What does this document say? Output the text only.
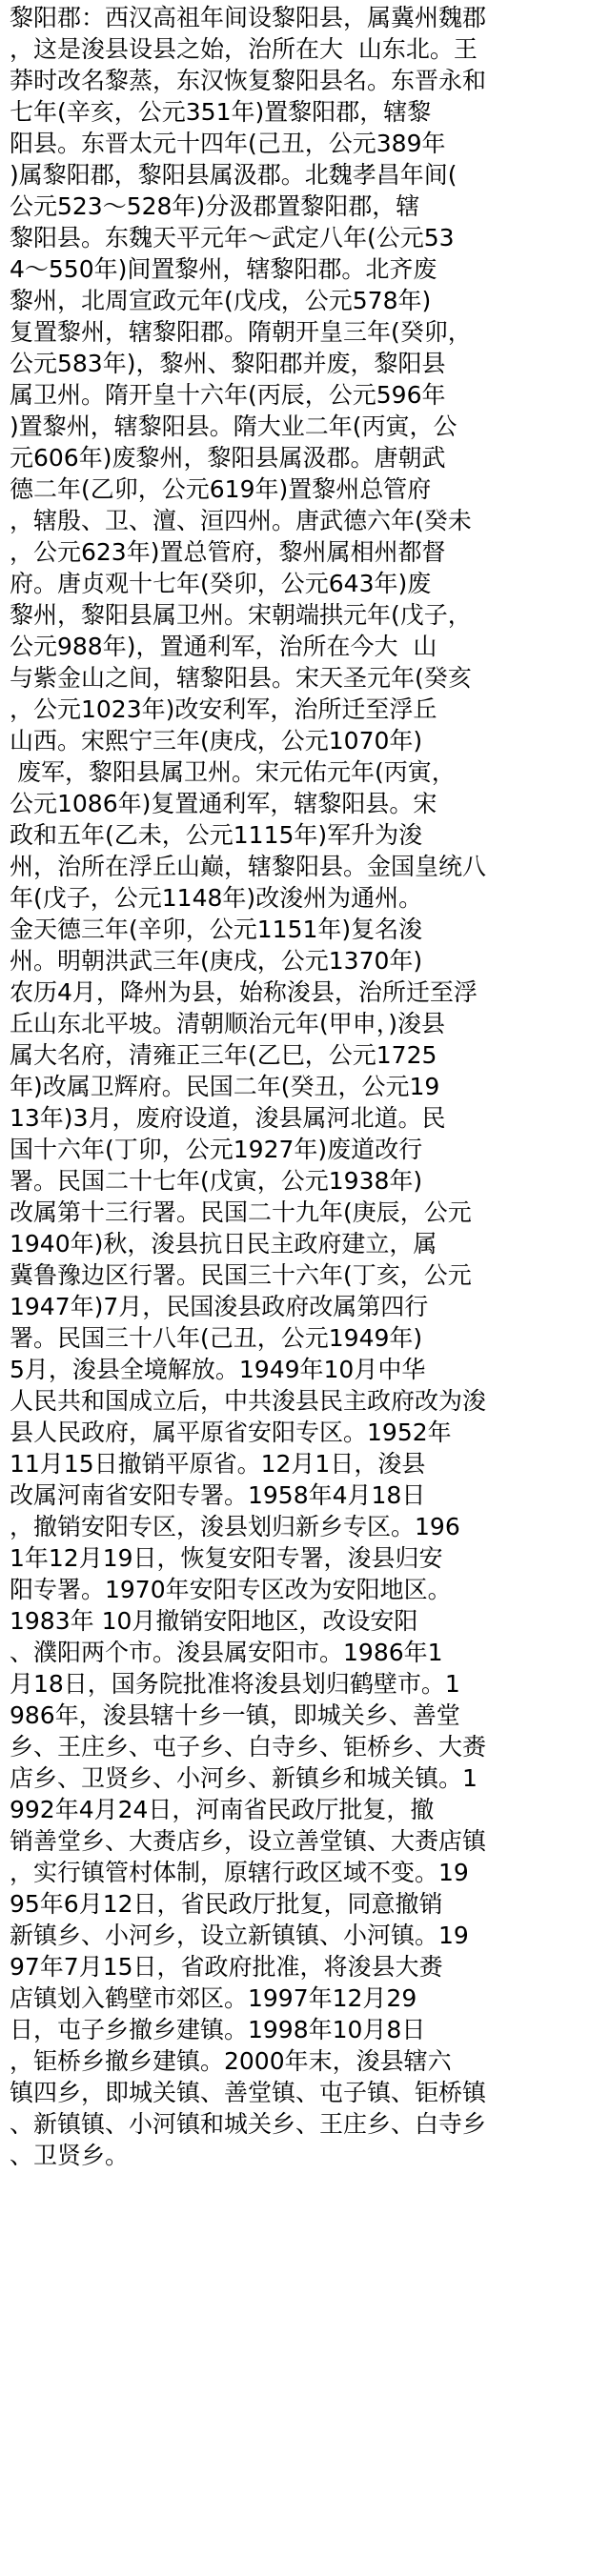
黎阳郡：西汉高祖年间设黎阳县，属冀州魏郡
，这是浚县设县之始，治所在大  山东北。王
莽时改名黎蒸，东汉恢复黎阳县名。东晋永和
七年(辛亥，公元351年)置黎阳郡，辖黎
阳县。东晋太元十四年(己丑，公元389年
)属黎阳郡，黎阳县属汲郡。北魏孝昌年间(
公元523～528年)分汲郡置黎阳郡，辖
黎阳县。东魏天平元年～武定八年(公元53
4～550年)间置黎州，辖黎阳郡。北齐废
黎州，北周宣政元年(戊戌，公元578年)
复置黎州，辖黎阳郡。隋朝开皇三年(癸卯，
公元583年)，黎州、黎阳郡并废，黎阳县
属卫州。隋开皇十六年(丙辰，公元596年
)置黎州，辖黎阳县。隋大业二年(丙寅，公
元606年)废黎州，黎阳县属汲郡。唐朝武
德二年(乙卯，公元619年)置黎州总管府
，辖殷、卫、澶、洹四州。唐武德六年(癸未
，公元623年)置总管府，黎州属相州都督
府。唐贞观十七年(癸卯，公元643年)废
黎州，黎阳县属卫州。宋朝端拱元年(戊子，
公元988年)，置通利军，治所在今大  山
与紫金山之间，辖黎阳县。宋天圣元年(癸亥
，公元1023年)改安利军，治所迁至浮丘
山西。宋熙宁三年(庚戌，公元1070年)
废军，黎阳县属卫州。宋元佑元年(丙寅，
公元1086年)复置通利军，辖黎阳县。宋
政和五年(乙未，公元1115年)军升为浚
州，治所在浮丘山巅，辖黎阳县。金国皇统八
年(戊子，公元1148年)改浚州为通州。
金天德三年(辛卯，公元1151年)复名浚
州。明朝洪武三年(庚戌，公元1370年)
农历4月，降州为县，始称浚县，治所迁至浮
丘山东北平坡。清朝顺治元年(甲申，)浚县
属大名府，清雍正三年(乙巳，公元1725
年)改属卫辉府。民国二年(癸丑，公元19
13年)3月，废府设道，浚县属河北道。民
国十六年(丁卯，公元1927年)废道改行
署。民国二十七年(戊寅，公元1938年)
改属第十三行署。民国二十九年(庚辰，公元
1940年)秋，浚县抗日民主政府建立，属
冀鲁豫边区行署。民国三十六年(丁亥，公元
1947年)7月，民国浚县政府改属第四行
署。民国三十八年(己丑，公元1949年)
5月，浚县全境解放。1949年10月中华
人民共和国成立后，中共浚县民主政府改为浚
县人民政府，属平原省安阳专区。1952年
11月15日撤销平原省。12月1日，浚县
改属河南省安阳专署。1958年4月18日
，撤销安阳专区，浚县划归新乡专区。196
1年12月19日，恢复安阳专署，浚县归安
阳专署。1970年安阳专区改为安阳地区。
1983年 10月撤销安阳地区，改设安阳
、濮阳两个市。浚县属安阳市。1986年1
月18日，国务院批准将浚县划归鹤壁市。1
986年，浚县辖十乡一镇，即城关乡、善堂
乡、王庄乡、屯子乡、白寺乡、钜桥乡、大赉
店乡、卫贤乡、小河乡、新镇乡和城关镇。1
992年4月24日，河南省民政厅批复，撤
销善堂乡、大赉店乡，设立善堂镇、大赉店镇
，实行镇管村体制，原辖行政区域不变。19
95年6月12日，省民政厅批复，同意撤销
新镇乡、小河乡，设立新镇镇、小河镇。19
97年7月15日，省政府批准，将浚县大赉
店镇划入鹤壁市郊区。1997年12月29
日，屯子乡撤乡建镇。1998年10月8日
，钜桥乡撤乡建镇。2000年末，浚县辖六
镇四乡，即城关镇、善堂镇、屯子镇、钜桥镇
、新镇镇、小河镇和城关乡、王庄乡、白寺乡
、卫贤乡。
